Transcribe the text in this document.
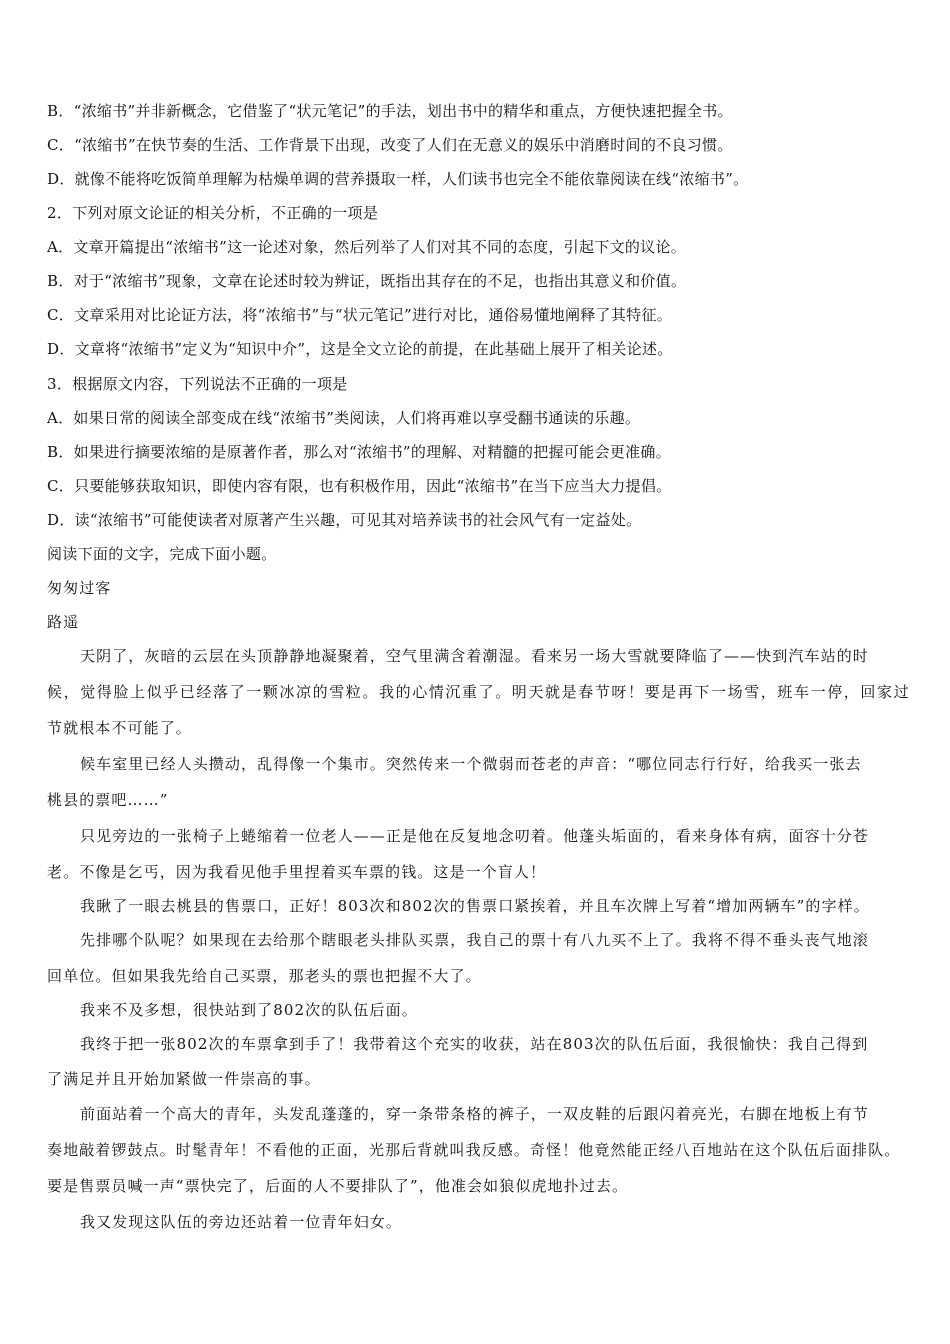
B．“浓缩书”并非新概念，它借鉴了“状元笔记”的手法，划出书中的精华和重点，方便快速把握全书。
C．“浓缩书”在快节奏的生活、工作背景下出现，改变了人们在无意义的娱乐中消磨时间的不良习惯。
D．就像不能将吃饭简单理解为枯燥单调的营养摄取一样，人们读书也完全不能依靠阅读在线“浓缩书”。
2．下列对原文论证的相关分析，不正确的一项是
A．文章开篇提出“浓缩书”这一论述对象，然后列举了人们对其不同的态度，引起下文的议论。
B．对于“浓缩书”现象，文章在论述时较为辨证，既指出其存在的不足，也指出其意义和价值。
C．文章采用对比论证方法，将“浓缩书”与“状元笔记”进行对比，通俗易懂地阐释了其特征。
D．文章将“浓缩书”定义为“知识中介”，这是全文立论的前提，在此基础上展开了相关论述。
3．根据原文内容，下列说法不正确的一项是
A．如果日常的阅读全部变成在线“浓缩书”类阅读，人们将再难以享受翻书通读的乐趣。
B．如果进行摘要浓缩的是原著作者，那么对“浓缩书”的理解、对精髓的把握可能会更准确。
C．只要能够获取知识，即使内容有限，也有积极作用，因此“浓缩书”在当下应当大力提倡。
D．读“浓缩书”可能使读者对原著产生兴趣，可见其对培养读书的社会风气有一定益处。
阅读下面的文字，完成下面小题。
匆匆过客
路遥
天阴了，灰暗的云层在头顶静静地凝聚着，空气里满含着潮湿。看来另一场大雪就要降临了——快到汽车站的时
候，觉得脸上似乎已经落了一颗冰凉的雪粒。我的心情沉重了。明天就是春节呀！要是再下一场雪，班车一停，回家过
节就根本不可能了。
候车室里已经人头攒动，乱得像一个集市。突然传来一个微弱而苍老的声音：“哪位同志行行好，给我买一张去
桃县的票吧……”
只见旁边的一张椅子上蜷缩着一位老人——正是他在反复地念叨着。他蓬头垢面的，看来身体有病，面容十分苍
老。不像是乞丐，因为我看见他手里捏着买车票的钱。这是一个盲人！
我瞅了一眼去桃县的售票口，正好！803次和802次的售票口紧挨着，并且车次牌上写着“增加两辆车”的字样。
先排哪个队呢？如果现在去给那个瞎眼老头排队买票，我自己的票十有八九买不上了。我将不得不垂头丧气地滚
回单位。但如果我先给自己买票，那老头的票也把握不大了。
我来不及多想，很快站到了802次的队伍后面。
我终于把一张802次的车票拿到手了！我带着这个充实的收获，站在803次的队伍后面，我很愉快：我自己得到
了满足并且开始加紧做一件崇高的事。
前面站着一个高大的青年，头发乱蓬蓬的，穿一条带条格的裤子，一双皮鞋的后跟闪着亮光，右脚在地板上有节
奏地敲着锣鼓点。时髦青年！不看他的正面，光那后背就叫我反感。奇怪！他竟然能正经八百地站在这个队伍后面排队。
要是售票员喊一声“票快完了，后面的人不要排队了”，他准会如狼似虎地扑过去。
我又发现这队伍的旁边还站着一位青年妇女。
